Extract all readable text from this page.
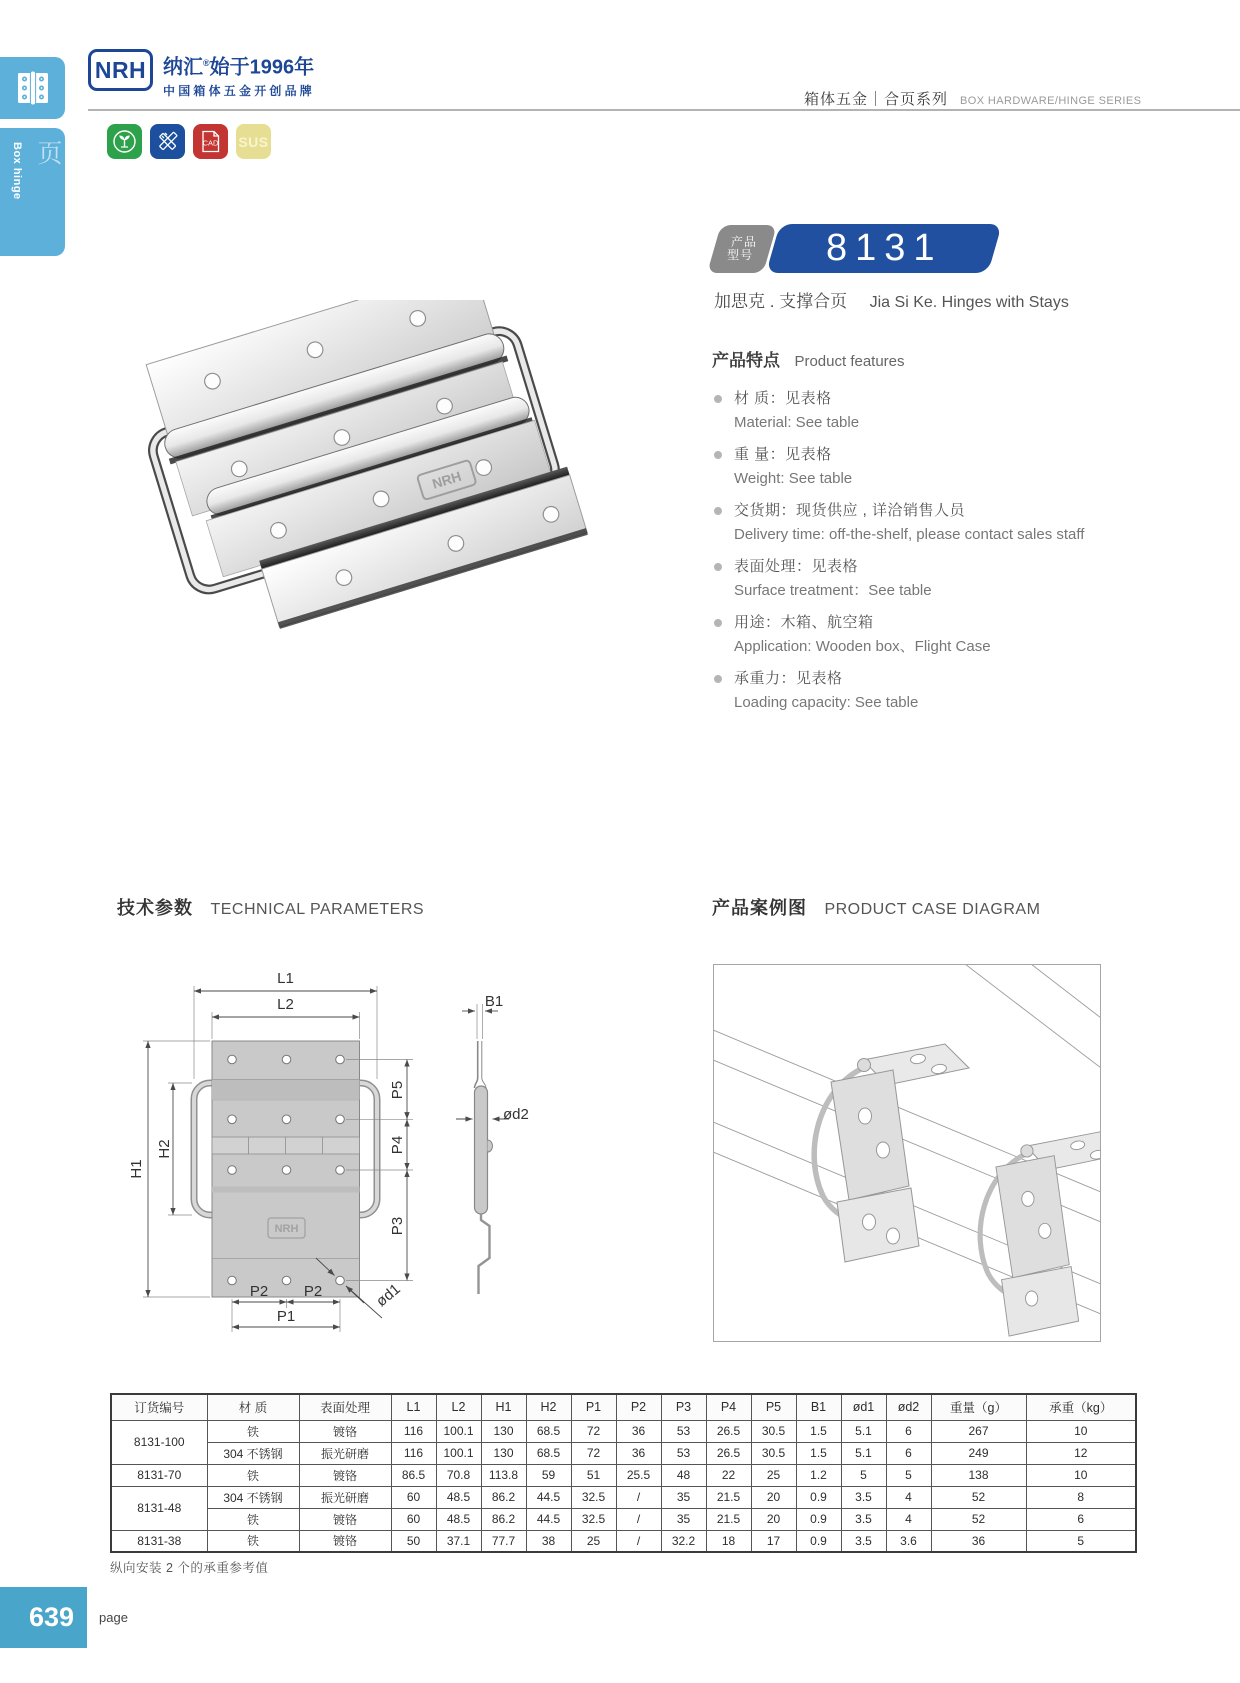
NRH 纳汇®始于1996年
中国箱体五金开创品牌
箱体五金｜合页系列 BOX HARDWARE/HINGE SERIES
箱体合页
Box hinge	CAD SUS
NRH
产品
型号 8131
加思克 . 支撑合页 Jia Si Ke. Hinges with Stays
产品特点 Product features
材 质：见表格
Material: See table
重 量：见表格
Weight: See table
交货期：现货供应 , 详洽销售人员
Delivery time: off-the-shelf, please contact sales staff
表面处理：见表格
Surface treatment：See table
用途：木箱、航空箱
Application: Wooden box、Flight Case
承重力：见表格
Loading capacity: See table
技术参数 TECHNICAL PARAMETERS	产品案例图 PRODUCT CASE DIAGRAM
NRH
L1
L2
H1
H2
P5
P4
P3
P2 P2
P1
B1
ød2
ød1
订货编号	材 质	表面处理	L1	L2	H1	H2	P1	P2	P3	P4	P5	B1	ød1	ød2	重量（g）	承重（kg）
8131-100	铁	镀铬	116	100.1	130	68.5	72	36	53	26.5	30.5	1.5	5.1	6	267	10
	304 不锈钢	振光研磨	116	100.1	130	68.5	72	36	53	26.5	30.5	1.5	5.1	6	249	12
8131-70	铁	镀铬	86.5	70.8	113.8	59	51	25.5	48	22	25	1.2	5	5	138	10
8131-48	304 不锈钢	振光研磨	60	48.5	86.2	44.5	32.5	/	35	21.5	20	0.9	3.5	4	52	8
	铁	镀铬	60	48.5	86.2	44.5	32.5	/	35	21.5	20	0.9	3.5	4	52	6
8131-38	铁	镀铬	50	37.1	77.7	38	25	/	32.2	18	17	0.9	3.5	3.6	36	5
纵向安装 2 个的承重参考值
639 page
